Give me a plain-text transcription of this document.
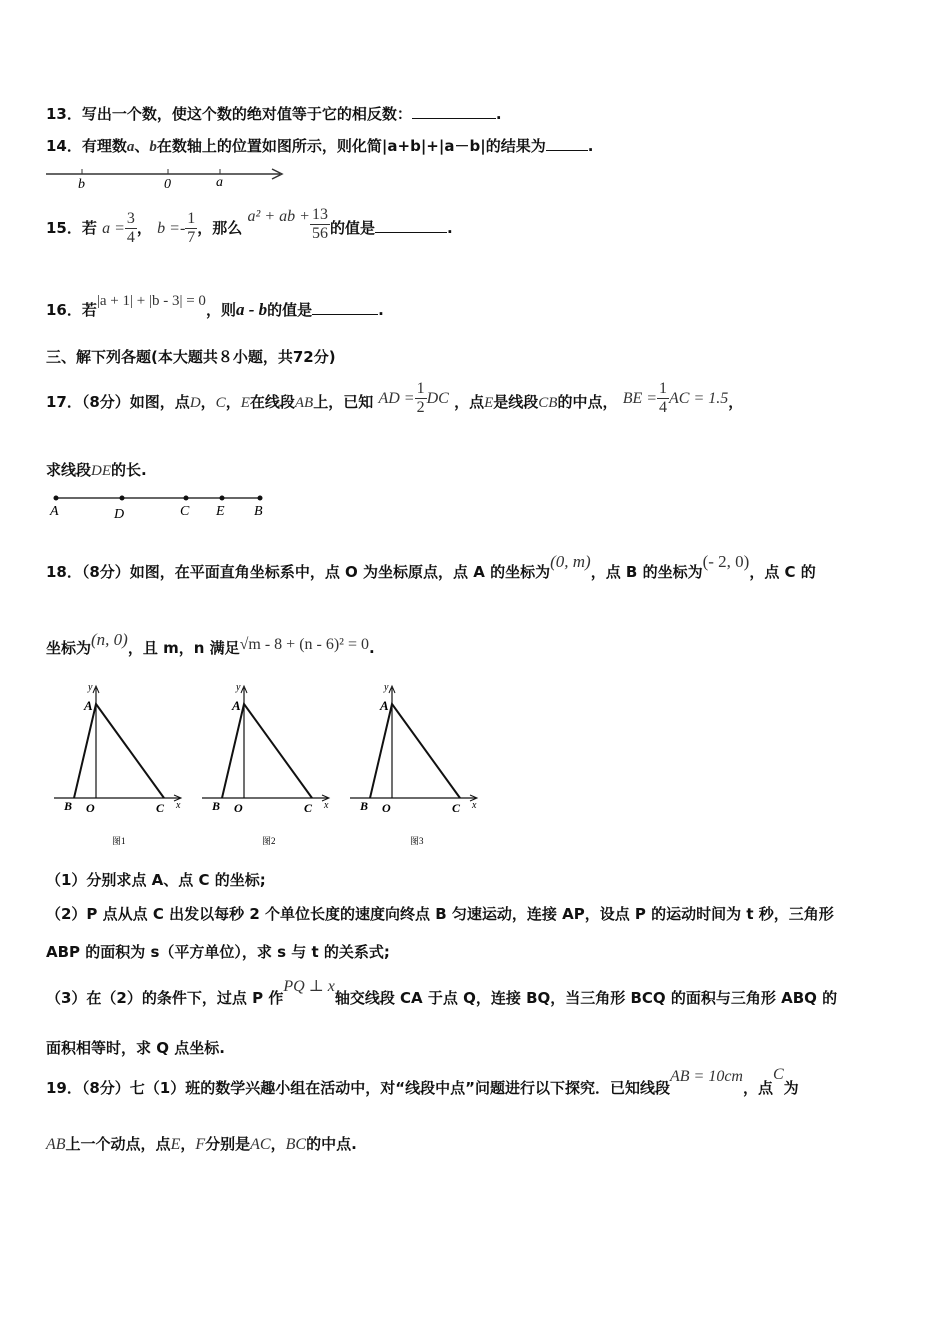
13．写出一个数，使这个数的绝对值等于它的相反数：	.
14．有理数a、b在数轴上的位置如图所示，则化简|a+b|+|a－b|的结果为	.
b	0	a
15．若 $a = \frac{3}{4}$ ， $b =- \frac{1}{7}$ ，那么 a² + ab + $\frac{13}{56}$ 的值是	.
16．若|a + 1| + |b - 3| = 0，则a - b的值是	.
三、解下列各题(本大题共８小题，共72分)
17．（8分）如图，点D，C，E在线段AB上，已知 AD = $\frac{1}{2}$ DC ，点E是线段CB的中点， BE = $\frac{1}{4}$ AC = 1.5，
求线段DE的长.
A	D	C E B
18．（8分）如图，在平面直角坐标系中，点 O 为坐标原点，点 A 的坐标为(0, m)，点 B 的坐标为(- 2, 0)，点 C 的
坐标为(n, 0)，且 m，n 满足√m - 8 + (n - 6)² = 0.
y
A
B O	C x
图1
y
A
B O	C x
图2
y
A
B O	C x
图3
（1）分别求点 A、点 C 的坐标;
（2）P 点从点 C 出发以每秒 2 个单位长度的速度向终点 B 匀速运动，连接 AP，设点 P 的运动时间为 t 秒，三角形
ABP 的面积为 s（平方单位），求 s 与 t 的关系式;
（3）在（2）的条件下，过点 P 作PQ ⊥ x轴交线段 CA 于点 Q，连接 BQ，当三角形 BCQ 的面积与三角形 ABQ 的
面积相等时，求 Q 点坐标.
19．（8分）七（1）班的数学兴趣小组在活动中，对“线段中点”问题进行以下探究．已知线段AB = 10cm，点C为
AB上一个动点，点E，F分别是AC，BC的中点.
